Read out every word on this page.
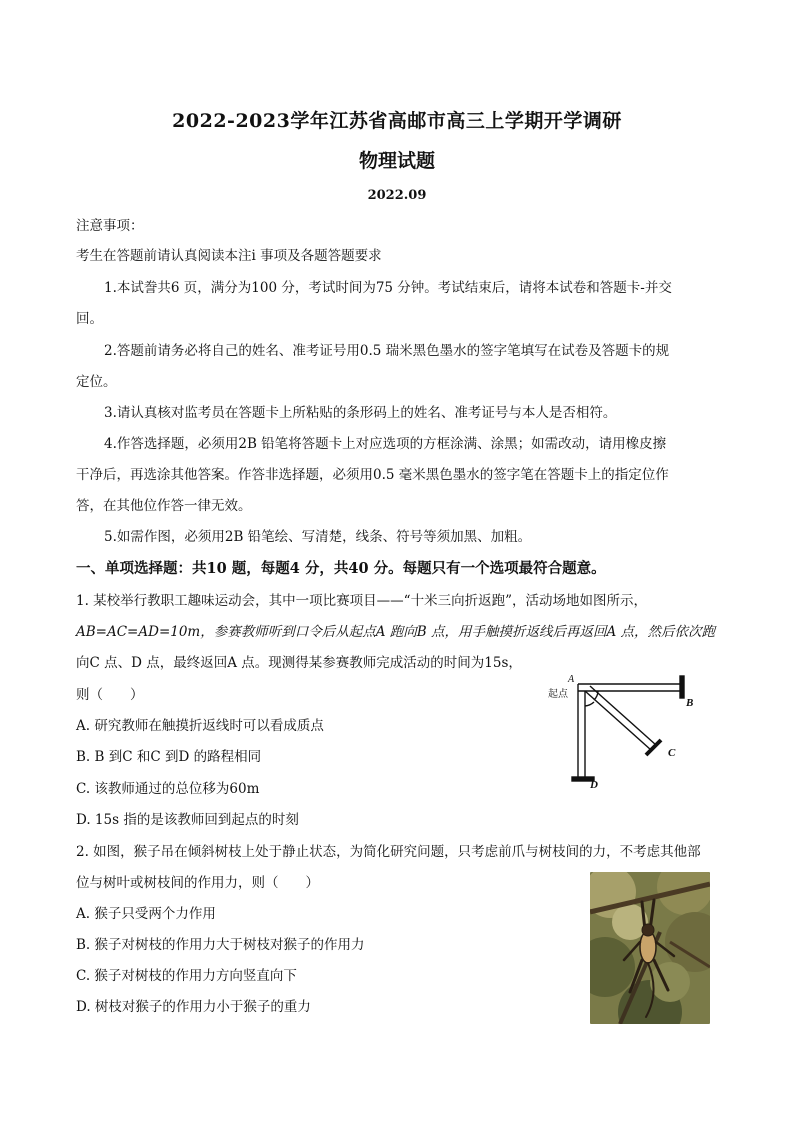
2022-2023学年江苏省高邮市高三上学期开学调研
物理试题
2022.09
注意事项：
考生在答题前请认真阅读本注i 事项及各题答题要求
1.本试誊共6 页，满分为100 分，考试时间为75 分钟。考试结束后，请将本试卷和答题卡-并交
回。
2.答题前请务必将自己的姓名、准考证号用0.5 瑞米黑色墨水的签字笔填写在试卷及答题卡的规
定位。
3.请认真核对监考员在答题卡上所粘贴的条形码上的姓名、准考证号与本人是否相符。
4.作答选择题，必须用2B 铅笔将答题卡上对应选项的方框涂满、涂黑；如需改动，请用橡皮擦
干净后，再选涂其他答案。作答非选择题，必须用0.5 毫米黑色墨水的签字笔在答题卡上的指定位作
答，在其他位作答一律无效。
5.如需作图，必须用2B 铅笔绘、写清楚，线条、符号等须加黑、加粗。
一、单项选择题：共10 题，每题4 分，共40 分。每题只有一个选项最符合题意。
1. 某校举行教职工趣味运动会，其中一项比赛项目——“十米三向折返跑”，活动场地如图所示，
AB=AC=AD=10m，参赛教师听到口令后从起点A 跑向B 点，用手触摸折返线后再返回A 点，然后依次跑
向C 点、D 点，最终返回A 点。现测得某参赛教师完成活动的时间为15s，
则（　　）
A. 研究教师在触摸折返线时可以看成质点
B. B 到C 和C 到D 的路程相同
C. 该教师通过的总位移为60m
D. 15s 指的是该教师回到起点的时刻
A
起点
B
C
D
2. 如图，猴子吊在倾斜树枝上处于静止状态，为简化研究问题，只考虑前爪与树枝间的力，不考虑其他部
位与树叶或树枝间的作用力，则（　　）
A. 猴子只受两个力作用
B. 猴子对树枝的作用力大于树枝对猴子的作用力
C. 猴子对树枝的作用力方向竖直向下
D. 树枝对猴子的作用力小于猴子的重力
